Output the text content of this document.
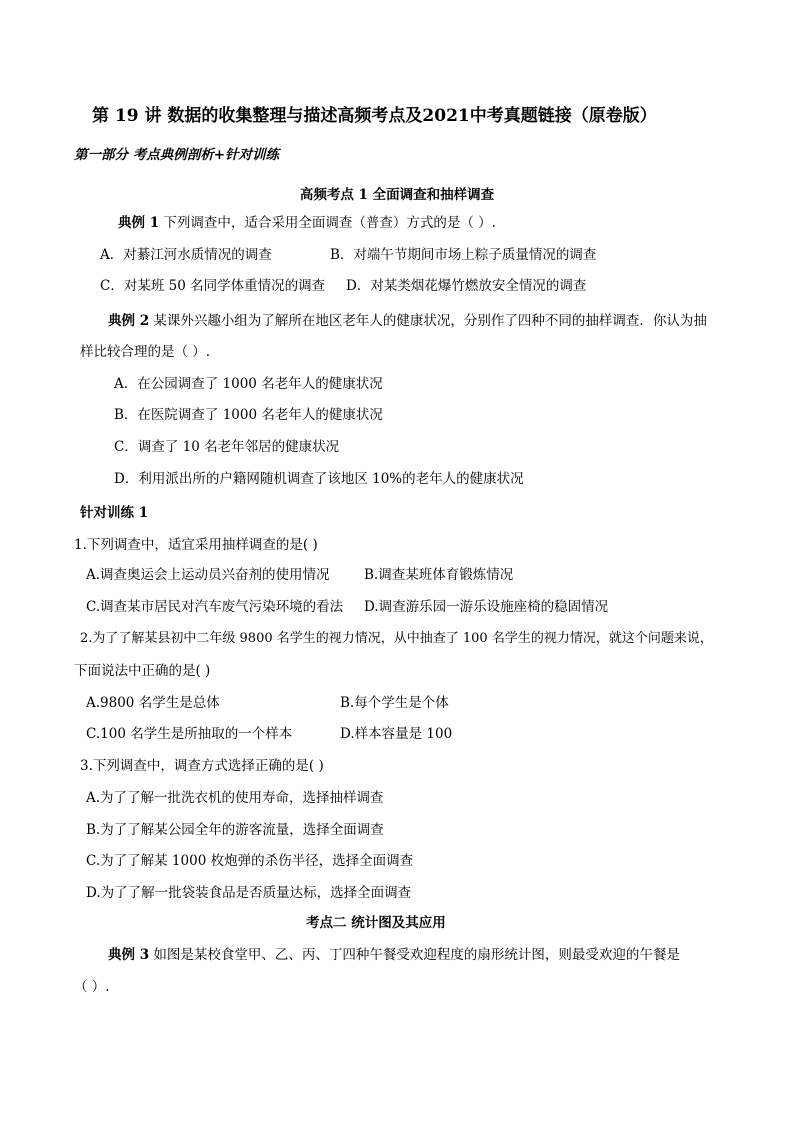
第 19 讲 数据的收集整理与描述高频考点及2021中考真题链接（原卷版）
第一部分 考点典例剖析+针对训练
高频考点 1 全面调查和抽样调查
典例 1 下列调查中，适合采用全面调查（普查）方式的是（ ）.
A．对綦江河水质情况的调查	B．对端午节期间市场上粽子质量情况的调查
C．对某班 50 名同学体重情况的调查 D．对某类烟花爆竹燃放安全情况的调查
典例 2 某课外兴趣小组为了解所在地区老年人的健康状况，分别作了四种不同的抽样调查．你认为抽
样比较合理的是（ ）.
A．在公园调查了 1000 名老年人的健康状况
B．在医院调查了 1000 名老年人的健康状况
C．调查了 10 名老年邻居的健康状况
D．利用派出所的户籍网随机调查了该地区 10%的老年人的健康状况
针对训练 1
1.下列调查中，适宜采用抽样调查的是( )
A.调查奥运会上运动员兴奋剂的使用情况	B.调查某班体育锻炼情况
C.调查某市居民对汽车废气污染环境的看法 D.调查游乐园一游乐设施座椅的稳固情况
2.为了了解某县初中二年级 9800 名学生的视力情况，从中抽查了 100 名学生的视力情况，就这个问题来说，
下面说法中正确的是( )
A.9800 名学生是总体	B.每个学生是个体
C.100 名学生是所抽取的一个样本	D.样本容量是 100
3.下列调查中，调查方式选择正确的是( )
A.为了了解一批洗衣机的使用寿命，选择抽样调查
B.为了了解某公园全年的游客流量，选择全面调查
C.为了了解某 1000 枚炮弹的杀伤半径，选择全面调查
D.为了了解一批袋装食品是否质量达标，选择全面调查
考点二 统计图及其应用
典例 3 如图是某校食堂甲、乙、丙、丁四种午餐受欢迎程度的扇形统计图，则最受欢迎的午餐是
（ ）.
